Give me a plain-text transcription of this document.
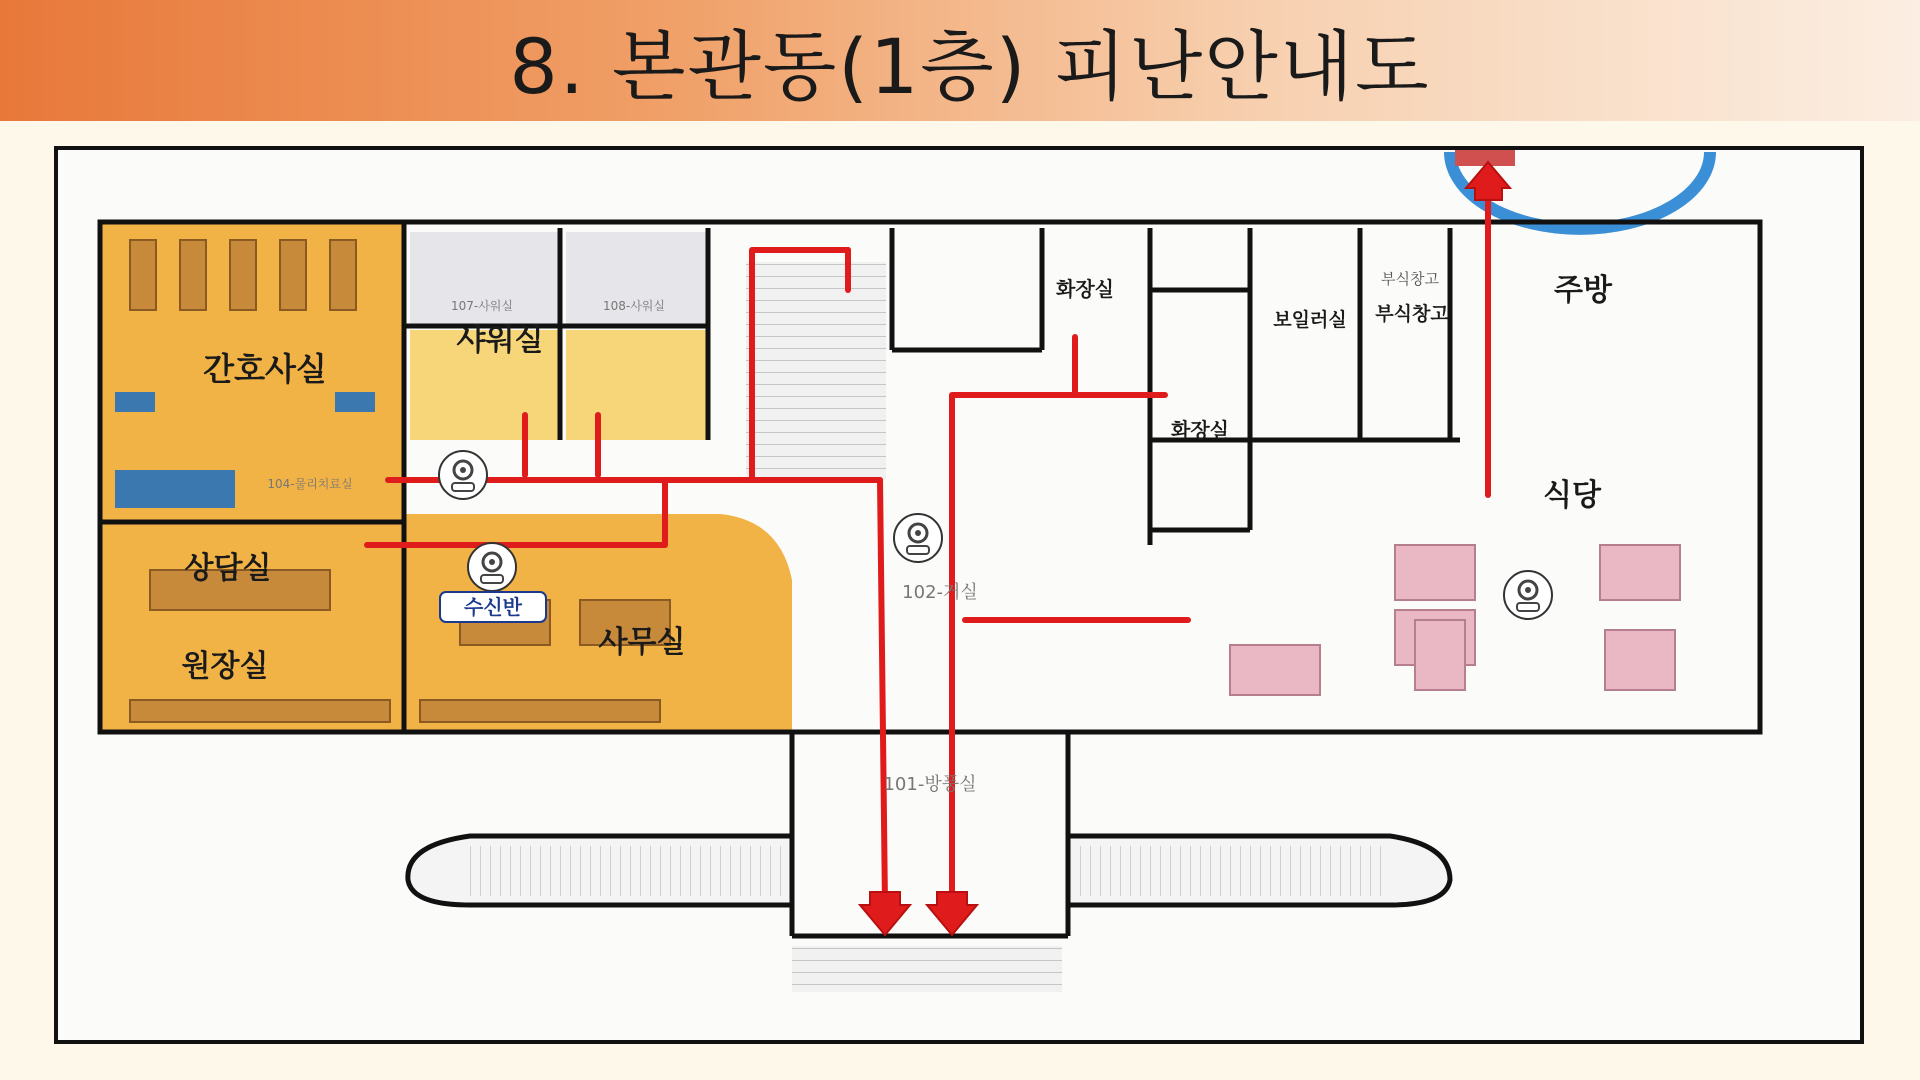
8. 본관동(1층) 피난안내도
수신반
간호사실
샤워실
상담실
원장실
사무실
화장실
화장실
보일러실 부식창고
부식창고	주방
식당
107-사워실	108-사워실
104-물리치료실
102-거실
101-방풍실
